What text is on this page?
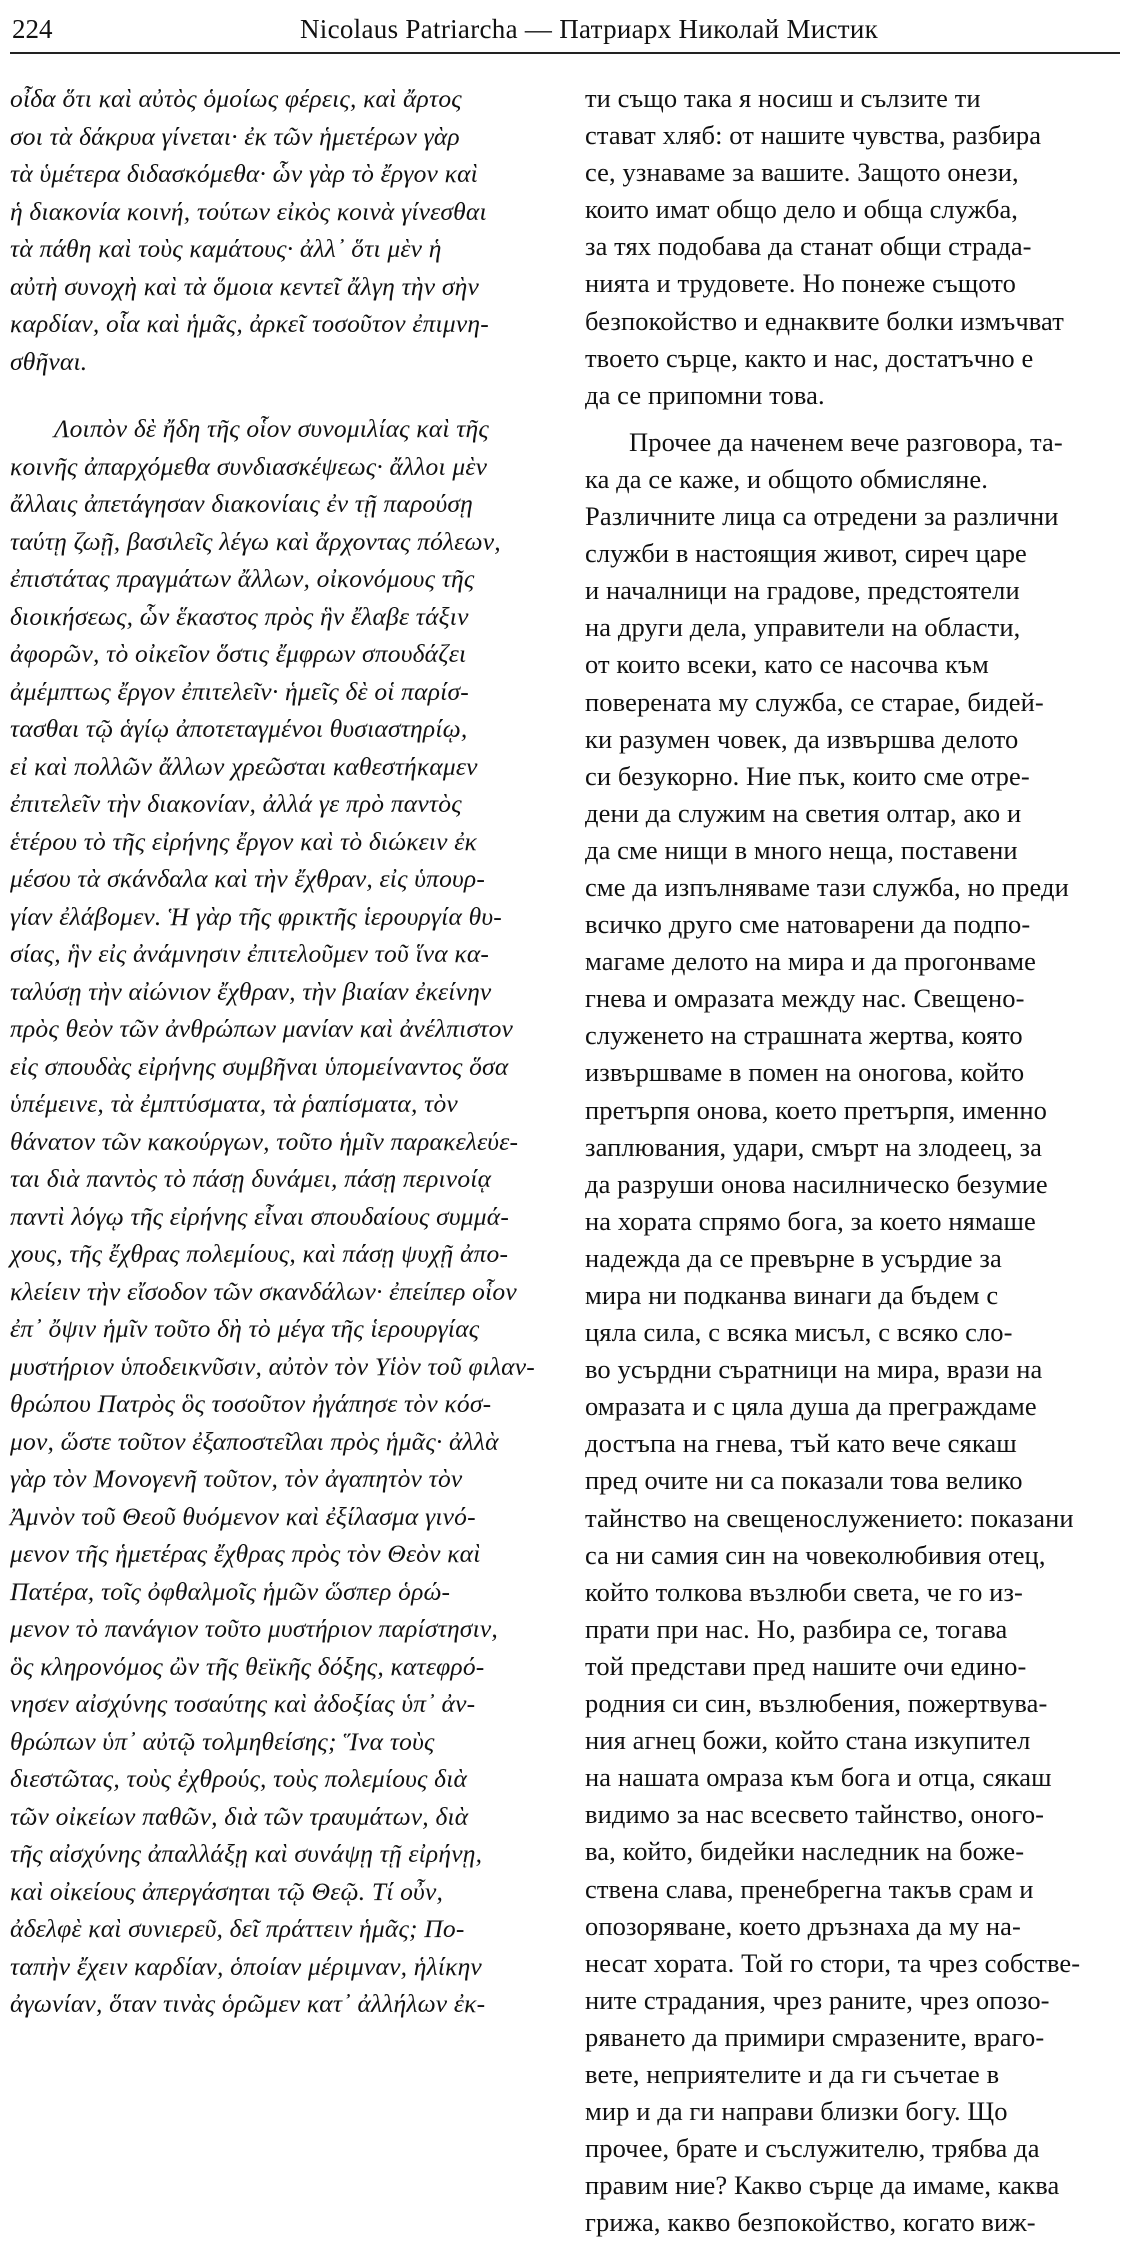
224	Nicolaus Patriarcha — Патриарх Николай Мистик
οἶδα ὅτι καὶ αὐτὸς ὁμοίως φέρεις, καὶ ἄρτος
σοι τὰ δάκρυα γίνεται· ἐκ τῶν ἡμετέρων γὰρ
τὰ ὑμέτερα διδασκόμεθα· ὧν γὰρ τὸ ἔργον καὶ
ἡ διακονία κοινή, τούτων εἰκὸς κοινὰ γίνεσθαι
τὰ πάθη καὶ τοὺς καμάτους· ἀλλ᾽ ὅτι μὲν ἡ
αὐτὴ συνοχὴ καὶ τὰ ὅμοια κεντεῖ ἄλγη τὴν σὴν
καρδίαν, οἷα καὶ ἡμᾶς, ἀρκεῖ τοσοῦτον ἐπιμνη-
σθῆναι.
Λοιπὸν δὲ ἤδη τῆς οἷον συνομιλίας καὶ τῆς
κοινῆς ἀπαρχόμεθα συνδιασκέψεως· ἄλλοι μὲν
ἄλλαις ἀπετάγησαν διακονίαις ἐν τῇ παρούσῃ
ταύτῃ ζωῇ, βασιλεῖς λέγω καὶ ἄρχοντας πόλεων,
ἐπιστάτας πραγμάτων ἄλλων, οἰκονόμους τῆς
διοικήσεως, ὧν ἕκαστος πρὸς ἣν ἔλαβε τάξιν
ἀφορῶν, τὸ οἰκεῖον ὅστις ἔμφρων σπουδάζει
ἀμέμπτως ἔργον ἐπιτελεῖν· ἡμεῖς δὲ οἱ παρίσ-
τασθαι τῷ ἁγίῳ ἀποτεταγμένοι θυσιαστηρίῳ,
εἰ καὶ πολλῶν ἄλλων χρεῶσται καθεστήκαμεν
ἐπιτελεῖν τὴν διακονίαν, ἀλλά γε πρὸ παντὸς
ἑτέρου τὸ τῆς εἰρήνης ἔργον καὶ τὸ διώκειν ἐκ
μέσου τὰ σκάνδαλα καὶ τὴν ἔχθραν, εἰς ὑπουρ-
γίαν ἐλάβομεν. Ἡ γὰρ τῆς φρικτῆς ἱερουργία θυ-
σίας, ἣν εἰς ἀνάμνησιν ἐπιτελοῦμεν τοῦ ἵνα κα-
ταλύσῃ τὴν αἰώνιον ἔχθραν, τὴν βιαίαν ἐκείνην
πρὸς θεὸν τῶν ἀνθρώπων μανίαν καὶ ἀνέλπιστον
εἰς σπουδὰς εἰρήνης συμβῆναι ὑπομείναντος ὅσα
ὑπέμεινε, τὰ ἐμπτύσματα, τὰ ῥαπίσματα, τὸν
θάνατον τῶν κακούργων, τοῦτο ἡμῖν παρακελεύε-
ται διὰ παντὸς τὸ πάσῃ δυνάμει, πάσῃ περινοίᾳ
παντὶ λόγῳ τῆς εἰρήνης εἶναι σπουδαίους συμμά-
χους, τῆς ἔχθρας πολεμίους, καὶ πάσῃ ψυχῇ ἀπο-
κλείειν τὴν εἴσοδον τῶν σκανδάλων· ἐπείπερ οἷον
ἐπ᾽ ὄψιν ἡμῖν τοῦτο δὴ τὸ μέγα τῆς ἱερουργίας
μυστήριον ὑποδεικνῦσιν, αὐτὸν τὸν Υἱὸν τοῦ φιλαν-
θρώπου Πατρὸς ὃς τοσοῦτον ἠγάπησε τὸν κόσ-
μον, ὥστε τοῦτον ἐξαποστεῖλαι πρὸς ἡμᾶς· ἀλλὰ
γὰρ τὸν Μονογενῆ τοῦτον, τὸν ἀγαπητὸν τὸν
Ἀμνὸν τοῦ Θεοῦ θυόμενον καὶ ἐξίλασμα γινό-
μενον τῆς ἡμετέρας ἔχθρας πρὸς τὸν Θεὸν καὶ
Πατέρα, τοῖς ὀφθαλμοῖς ἡμῶν ὥσπερ ὁρώ-
μενον τὸ πανάγιον τοῦτο μυστήριον παρίστησιν,
ὃς κληρονόμος ὢν τῆς θεϊκῆς δόξης, κατεφρό-
νησεν αἰσχύνης τοσαύτης καὶ ἀδοξίας ὑπ᾽ ἀν-
θρώπων ὑπ᾽ αὐτῷ τολμηθείσης; Ἵνα τοὺς
διεστῶτας, τοὺς ἐχθρούς, τοὺς πολεμίους διὰ
τῶν οἰκείων παθῶν, διὰ τῶν τραυμάτων, διὰ
τῆς αἰσχύνης ἀπαλλάξῃ καὶ συνάψῃ τῇ εἰρήνῃ,
καὶ οἰκείους ἀπεργάσηται τῷ Θεῷ. Τί οὖν,
ἀδελφὲ καὶ συνιερεῦ, δεῖ πράττειν ἡμᾶς; Πο-
ταπὴν ἔχειν καρδίαν, ὁποίαν μέριμναν, ἡλίκην
ἀγωνίαν, ὅταν τινὰς ὁρῶμεν κατ᾽ ἀλλήλων ἐκ-
ти също така я носиш и сълзите ти
стават хляб: от нашите чувства, разбира
се, узнаваме за вашите. Защото онези,
които имат общо дело и обща служба,
за тях подобава да станат общи страда-
нията и трудовете. Но понеже същото
безпокойство и еднаквите болки измъчват
твоето сърце, както и нас, достатъчно е
да се припомни това.
Прочее да начeнем вече разговора, та-
ка да се каже, и общото обмисляне.
Различните лица са отредени за различни
служби в настоящия живот, сиреч царе
и началници на градове, предстоятели
на други дела, управители на области,
от които всеки, като се насочва към
поверената му служба, се старае, бидей-
ки разумен човек, да извършва делото
си безукорно. Ние пък, които сме отре-
дени да служим на светия олтар, ако и
да сме нищи в много неща, поставени
сме да изпълняваме тази служба, но преди
всичко друго сме натоварени да подпо-
магаме делото на мира и да прогонваме
гнева и омразата между нас. Свещено-
служенето на страшната жертва, която
извършваме в помен на оногова, който
претърпя онова, което претърпя, именно
заплювания, удари, смърт на злодеец, за
да разруши онова насилническо безумие
на хората спрямо бога, за което нямаше
надежда да се превърне в усърдие за
мира ни подканва винаги да бъдем с
цяла сила, с всяка мисъл, с всяко сло-
во усърдни съратници на мира, врази на
омразата и с цяла душа да преграждаме
достъпа на гнева, тъй като вече сякаш
пред очите ни са показали това велико
тайнство на свещенослужението: показани
са ни самия син на човеколюбивия отец,
който толкова възлюби света, че го из-
прати при нас. Но, разбира се, тогава
той представи пред нашите очи едино-
родния си син, възлюбения, пожертвува-
ния агнец божи, който стана изкупител
на нашата омраза към бога и отца, сякаш
видимо за нас всесвето тайнство, оного-
ва, който, бидейки наследник на боже-
ствена слава, пренебрегна такъв срам и
опозоряване, което дръзнаха да му на-
несат хората. Той го стори, та чрез собстве-
ните страдания, чрез раните, чрез опозо-
ряването да примири смразените, враго-
вете, неприятелите и да ги съчетае в
мир и да ги направи близки богу. Що
прочее, брате и съслужителю, трябва да
правим ние? Какво сърце да имаме, каква
грижа, какво безпокойство, когато виж-
